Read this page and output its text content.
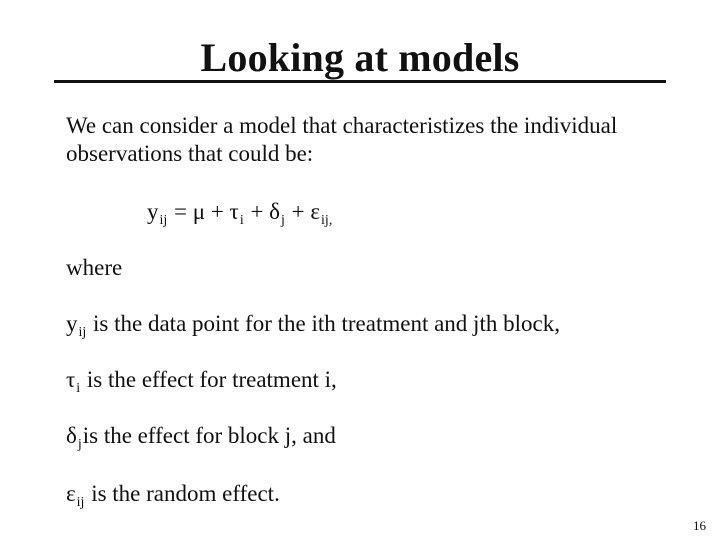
Looking at models
We can consider a model that characteristizes the individual
observations that could be:
$y_{ij} = \mu + \tau_i + \delta_j + \varepsilon_{ij,}$
where
$y_{ij}$ is the data point for the ith treatment and jth block,
$\tau_i$ is the effect for treatment i,
$\delta_jis$ the effect for block j, and
$\varepsilon_{ij}$ is the random effect.
16
